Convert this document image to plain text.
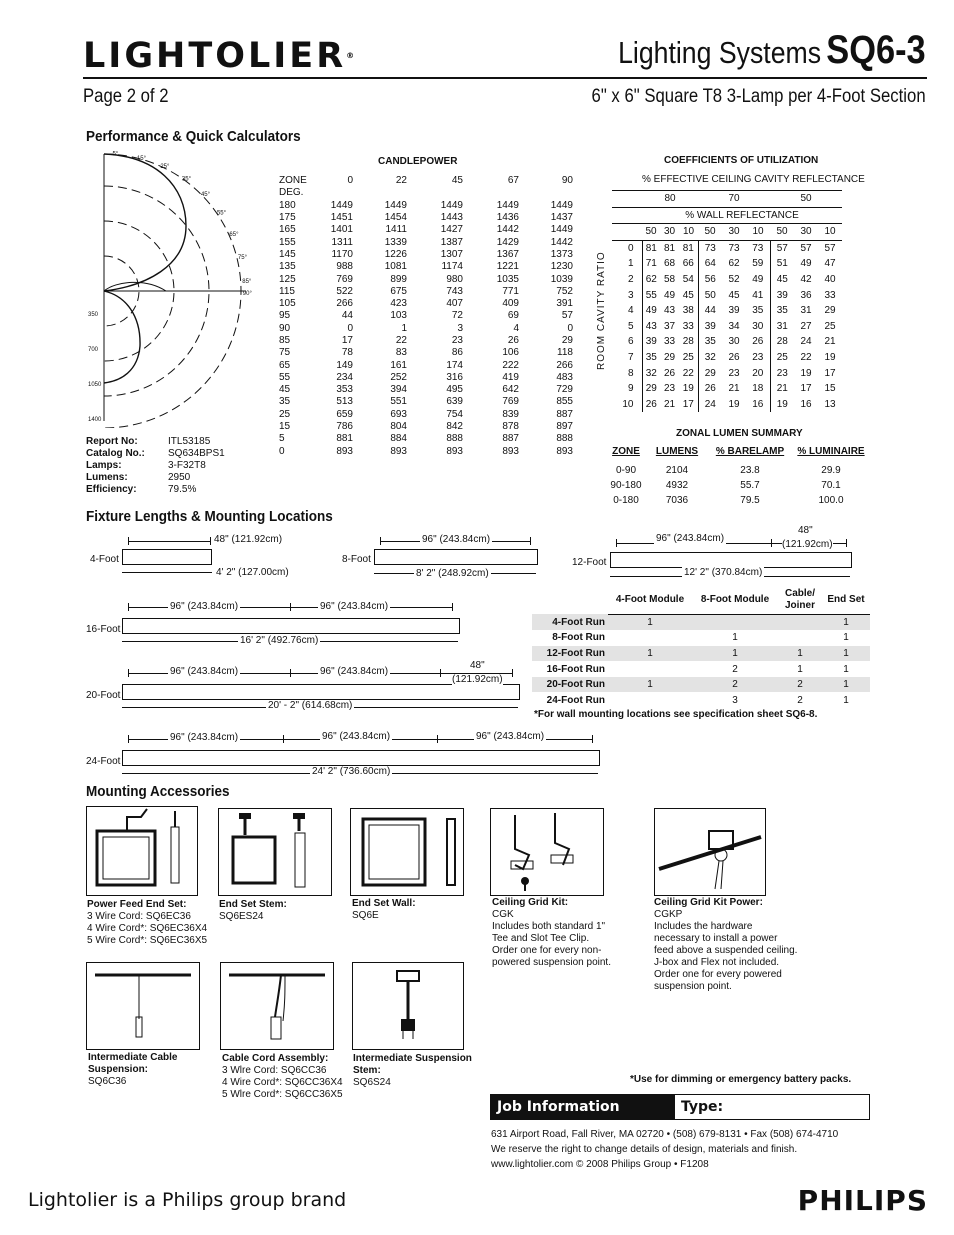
LIGHTOLIER®	Lighting Systems SQ6-3
Page 2 of 2	6" x 6" Square T8 3-Lamp per 4-Foot Section
Performance & Quick Calculators
90°
85°
75°
65°
55°
45°
35°
25°
15°
5°
350
700
1050
1400
Report No:	ITL53185
Catalog No.:	SQ634BPS1
Lamps:	3-F32T8
Lumens:	2950
Efficiency:	79.5%
CANDLEPOWER
ZONE	0	22	45	67	90
DEG.					
180	1449	1449	1449	1449	1449
175	1451	1454	1443	1436	1437
165	1401	1411	1427	1442	1449
155	1311	1339	1387	1429	1442
145	1170	1226	1307	1367	1373
135	988	1081	1174	1221	1230
125	769	899	980	1035	1039
115	522	675	743	771	752
105	266	423	407	409	391
95	44	103	72	69	57
90	0	1	3	4	0
85	17	22	23	26	29
75	78	83	86	106	118
65	149	161	174	222	266
55	234	252	316	419	483
45	353	394	495	642	729
35	513	551	639	769	855
25	659	693	754	839	887
15	786	804	842	878	897
5	881	884	888	887	888
0	893	893	893	893	893
COEFFICIENTS OF UTILIZATION
% EFFECTIVE CEILING CAVITY REFLECTANCE
	80			70			50		
	% WALL REFLECTANCE								
	50	30	10	50	30	10	50	30	10
0	81	81	81	73	73	73	57	57	57
1	71	68	66	64	62	59	51	49	47
2	62	58	54	56	52	49	45	42	40
3	55	49	45	50	45	41	39	36	33
4	49	43	38	44	39	35	35	31	29
5	43	37	33	39	34	30	31	27	25
6	39	33	28	35	30	26	28	24	21
7	35	29	25	32	26	23	25	22	19
8	32	26	22	29	23	20	23	19	17
9	29	23	19	26	21	18	21	17	15
10	26	21	17	24	19	16	19	16	13
ROOM CAVITY RATIO
ZONAL LUMEN SUMMARY
ZONE	LUMENS	% BARELAMP	% LUMINAIRE
0-90	2104	23.8	29.9
90-180	4932	55.7	70.1
0-180	7036	79.5	100.0
Fixture Lengths & Mounting Locations
4-Foot
48" (121.92cm)
4' 2" (127.00cm)
8-Foot
96" (243.84cm)
8' 2" (248.92cm)
12-Foot
96" (243.84cm)
48"
(121.92cm)
12' 2" (370.84cm)
16-Foot
96" (243.84cm)	96" (243.84cm)
16' 2" (492.76cm)
20-Foot
96" (243.84cm)	96" (243.84cm)
48"
(121.92cm)
20' - 2" (614.68cm)
	4-Foot Module	8-Foot Module	Cable/ Joiner	End Set
4-Foot Run	1			1
8-Foot Run		1		1
12-Foot Run	1	1	1	1
16-Foot Run		2	1	1
20-Foot Run	1	2	2	1
24-Foot Run		3	2	1
*For wall mounting locations see specification sheet SQ6-8.
24-Foot
96" (243.84cm)	96" (243.84cm)	96" (243.84cm)
24' 2" (736.60cm)
Mounting Accessories
Power Feed End Set:
3 Wire Cord: SQ6EC36
4 Wire Cord*: SQ6EC36X4
5 Wire Cord*: SQ6EC36X5
End Set Stem:
SQ6ES24
End Set Wall:
SQ6E
Ceiling Grid Kit:
CGK
Includes both standard 1"
Tee and Slot Tee Clip.
Order one for every non-
powered suspension point.
Ceiling Grid Kit Power:
CGKP
Includes the hardware
necessary to install a power
feed above a suspended ceiling.
J-box and Flex not included.
Order one for every powered
suspension point.
Intermediate Cable Suspension:
SQ6C36
Cable Cord Assembly:
3 Wlre Cord: SQ6CC36
4 Wire Cord*: SQ6CC36X4
5 Wlre Cord*: SQ6CC36X5
Intermediate Suspension Stem:
SQ6S24	*Use for dimming or emergency battery packs.
Job Information	Type:
631 Airport Road, Fall River, MA 02720 • (508) 679-8131 • Fax (508) 674-4710
We reserve the right to change details of design, materials and finish.
www.lightolier.com © 2008 Philips Group • F1208
Lightolier is a Philips group brand	PHILIPS
